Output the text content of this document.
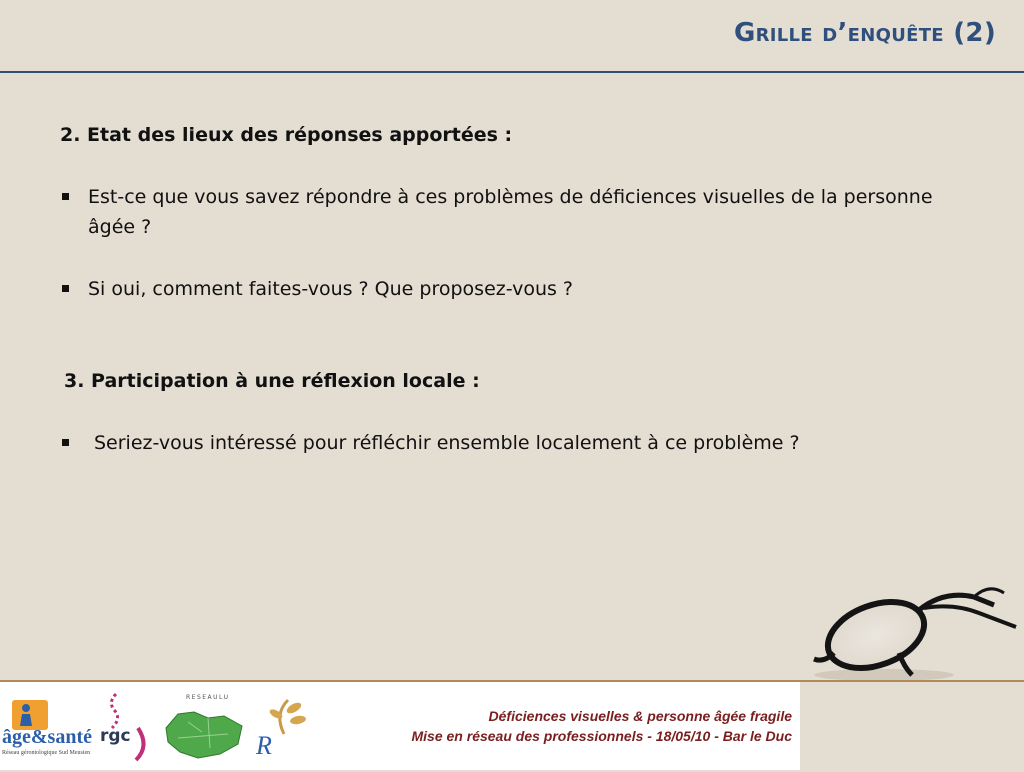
Grille d’enquête (2)
2. Etat des lieux des réponses apportées :
Est-ce que vous savez répondre à ces problèmes de déficiences visuelles de la personne âgée ?
Si oui, comment faites-vous ? Que proposez-vous ?
3. Participation à une réflexion locale :
Seriez-vous intéressé pour réfléchir ensemble localement à ce problème ?
âge&santé
Réseau gérontologique Sud Meusien
rgc
RESEAULU
R
Déficiences visuelles & personne âgée fragile
Mise en réseau des professionnels - 18/05/10 - Bar le Duc
